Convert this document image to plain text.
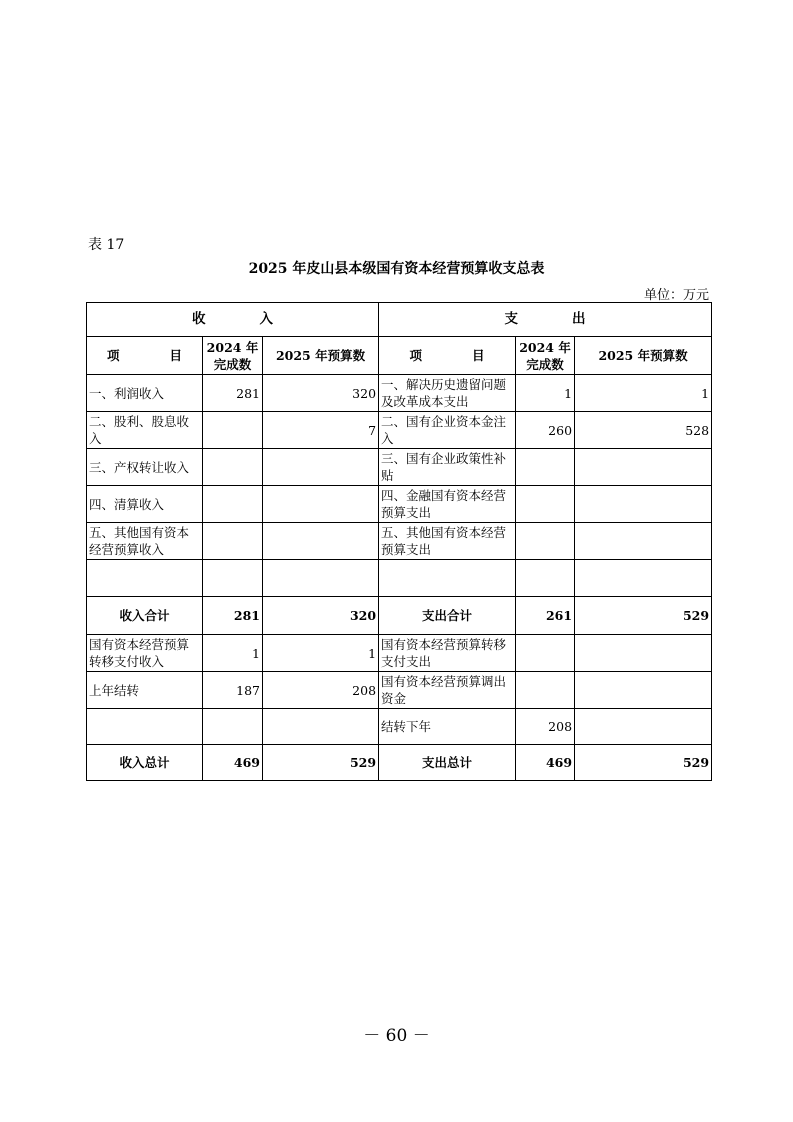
表 17
2025 年皮山县本级国有资本经营预算收支总表
单位：万元
收　　　　入			支　　　　出		
项　　　　目	2024 年完成数	2025 年预算数	项　　　　目	2024 年完成数	2025 年预算数
一、利润收入	281	320	一、解决历史遗留问题及改革成本支出	1	1
二、股利、股息收入		7	二、国有企业资本金注入	260	528
三、产权转让收入			三、国有企业政策性补贴		
四、清算收入			四、金融国有资本经营预算支出		
五、其他国有资本经营预算收入			五、其他国有资本经营预算支出		

收入合计	281	320	支出合计	261	529
国有资本经营预算转移支付收入	1	1	国有资本经营预算转移支付支出		
上年结转	187	208	国有资本经营预算调出资金		
			结转下年	208	
收入总计	469	529	支出总计	469	529
－ 60 －
